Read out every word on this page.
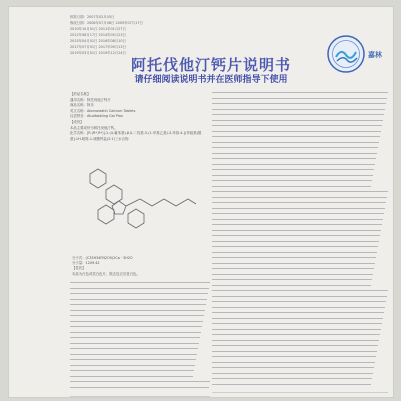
核准日期：2007年02月05日
修改日期：2008年07月08日 2009年07月17日
2010年10月01日 2011年01月27日
2012年08月17日 2014年05月23日
2015年04月01日 2016年08月10日
2017年07月01日 2017年09月13日
2019年03月01日 2019年12月24日	嘉林
阿托伐他汀钙片说明书
请仔细阅读说明书并在医师指导下使用
【药品名称】
通用名称：阿托伐他汀钙片
商品名称：阿乐
英文名称：Atorvastatin Calcium Tablets
汉语拼音：Atuofatating Gai Pian
【成份】
本品主要成份为阿托伐他汀钙。
化学名称：[R-(R*,R*)]-2-(4-氟苯基)-β,δ-二羟基-5-(1-甲基乙基)-3-苯基-4-[(苯胺基)羰基]-1H-吡咯-1-庚酸钙盐(2:1)三水合物
分子式：(C33H34FN2O5)2Ca · 3H2O
分子量：1209.42
【性状】
本品为白色或类白色片，除去包衣后显白色。
